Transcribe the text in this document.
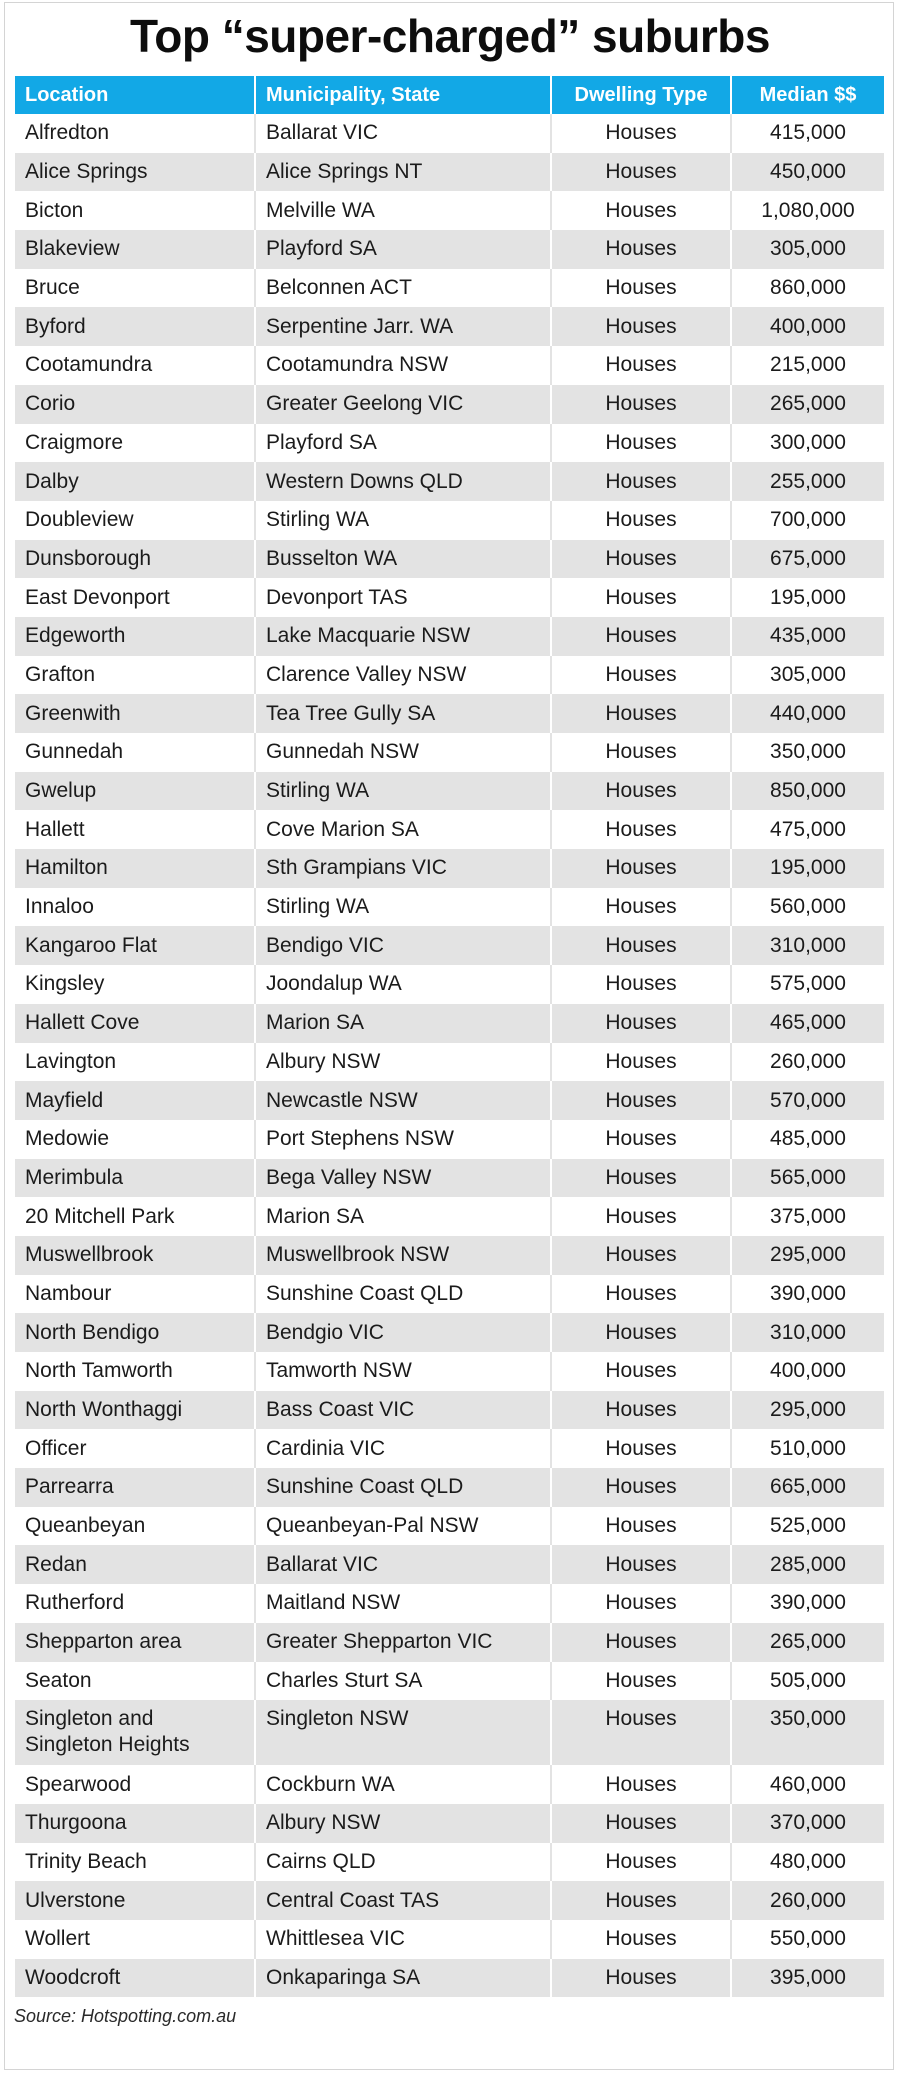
Top “super-charged” suburbs
Location	Municipality, State	Dwelling Type	Median $$
Alfredton	Ballarat VIC	Houses	415,000
Alice Springs	Alice Springs NT	Houses	450,000
Bicton	Melville WA	Houses	1,080,000
Blakeview	Playford SA	Houses	305,000
Bruce	Belconnen ACT	Houses	860,000
Byford	Serpentine Jarr. WA	Houses	400,000
Cootamundra	Cootamundra NSW	Houses	215,000
Corio	Greater Geelong VIC	Houses	265,000
Craigmore	Playford SA	Houses	300,000
Dalby	Western Downs QLD	Houses	255,000
Doubleview	Stirling WA	Houses	700,000
Dunsborough	Busselton WA	Houses	675,000
East Devonport	Devonport TAS	Houses	195,000
Edgeworth	Lake Macquarie NSW	Houses	435,000
Grafton	Clarence Valley NSW	Houses	305,000
Greenwith	Tea Tree Gully SA	Houses	440,000
Gunnedah	Gunnedah NSW	Houses	350,000
Gwelup	Stirling WA	Houses	850,000
Hallett	Cove Marion SA	Houses	475,000
Hamilton	Sth Grampians VIC	Houses	195,000
Innaloo	Stirling WA	Houses	560,000
Kangaroo Flat	Bendigo VIC	Houses	310,000
Kingsley	Joondalup WA	Houses	575,000
Hallett Cove	Marion SA	Houses	465,000
Lavington	Albury NSW	Houses	260,000
Mayfield	Newcastle NSW	Houses	570,000
Medowie	Port Stephens NSW	Houses	485,000
Merimbula	Bega Valley NSW	Houses	565,000
20 Mitchell Park	Marion SA	Houses	375,000
Muswellbrook	Muswellbrook NSW	Houses	295,000
Nambour	Sunshine Coast QLD	Houses	390,000
North Bendigo	Bendgio VIC	Houses	310,000
North Tamworth	Tamworth NSW	Houses	400,000
North Wonthaggi	Bass Coast VIC	Houses	295,000
Officer	Cardinia VIC	Houses	510,000
Parrearra	Sunshine Coast QLD	Houses	665,000
Queanbeyan	Queanbeyan-Pal NSW	Houses	525,000
Redan	Ballarat VIC	Houses	285,000
Rutherford	Maitland NSW	Houses	390,000
Shepparton area	Greater Shepparton VIC	Houses	265,000
Seaton	Charles Sturt SA	Houses	505,000
Singleton and Singleton Heights	Singleton NSW	Houses	350,000
Spearwood	Cockburn WA	Houses	460,000
Thurgoona	Albury NSW	Houses	370,000
Trinity Beach	Cairns QLD	Houses	480,000
Ulverstone	Central Coast TAS	Houses	260,000
Wollert	Whittlesea VIC	Houses	550,000
Woodcroft	Onkaparinga SA	Houses	395,000
Source: Hotspotting.com.au
